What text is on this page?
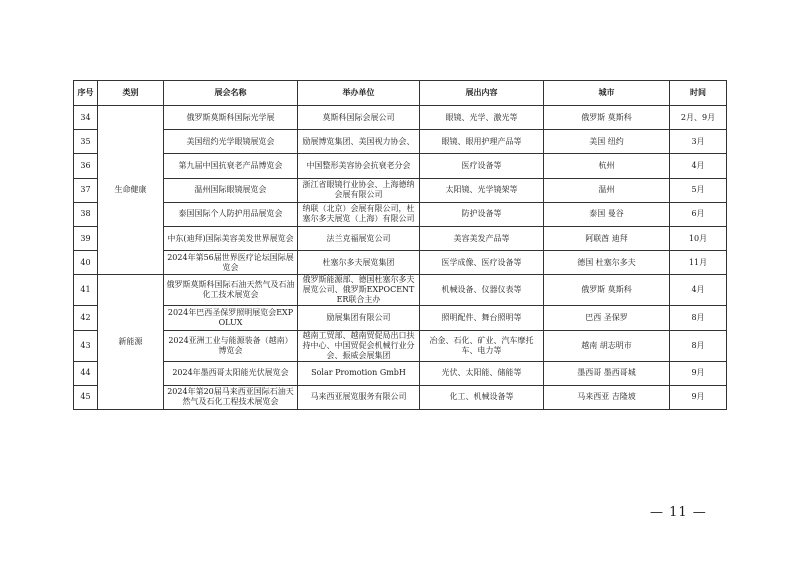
序号	类别	展会名称	举办单位	展出内容	城市	时间
34	生命健康	俄罗斯莫斯科国际光学展	莫斯科国际会展公司	眼镜、光学、激光等	俄罗斯 莫斯科	2月、9月
35		美国纽约光学眼镜展览会	励展博览集团、美国视力协会、	眼镜、眼用护理产品等	美国 纽约	3月
36		第九届中国抗衰老产品博览会	中国整形美容协会抗衰老分会	医疗设备等	杭州	4月
37		温州国际眼镜展览会	浙江省眼镜行业协会、上海德纳会展有限公司	太阳镜、光学镜架等	温州	5月
38		泰国国际个人防护用品展览会	纳联（北京）会展有限公司，杜塞尔多夫展览（上海）有限公司	防护设备等	泰国 曼谷	6月
39		中东(迪拜)国际美容美发世界展览会	法兰克福展览公司	美容美发产品等	阿联酋 迪拜	10月
40		2024年第56届世界医疗论坛国际展览会	杜塞尔多夫展览集团	医学成像、医疗设备等	德国 杜塞尔多夫	11月
41	新能源	俄罗斯莫斯科国际石油天然气及石油化工技术展览会	俄罗斯能源部、德国杜塞尔多夫展览公司、俄罗斯EXPOCENTER联合主办	机械设备、仪器仪表等	俄罗斯 莫斯科	4月
42		2024年巴西圣保罗照明展览会EXPOLUX	励展集团有限公司	照明配件、舞台照明等	巴西 圣保罗	8月
43		2024亚洲工业与能源装备（越南）博览会	越南工贸部、越南贸促局出口扶持中心、中国贸促会机械行业分会、振威会展集团	冶金、石化、矿业、汽车摩托车、电力等	越南 胡志明市	8月
44		2024年墨西哥太阳能光伏展览会	Solar Promotion GmbH	光伏、太阳能、储能等	墨西哥 墨西哥城	9月
45		2024年第20届马来西亚国际石油天然气及石化工程技术展览会	马来西亚展览服务有限公司	化工、机械设备等	马来西亚 吉隆坡	9月
— 11 —
